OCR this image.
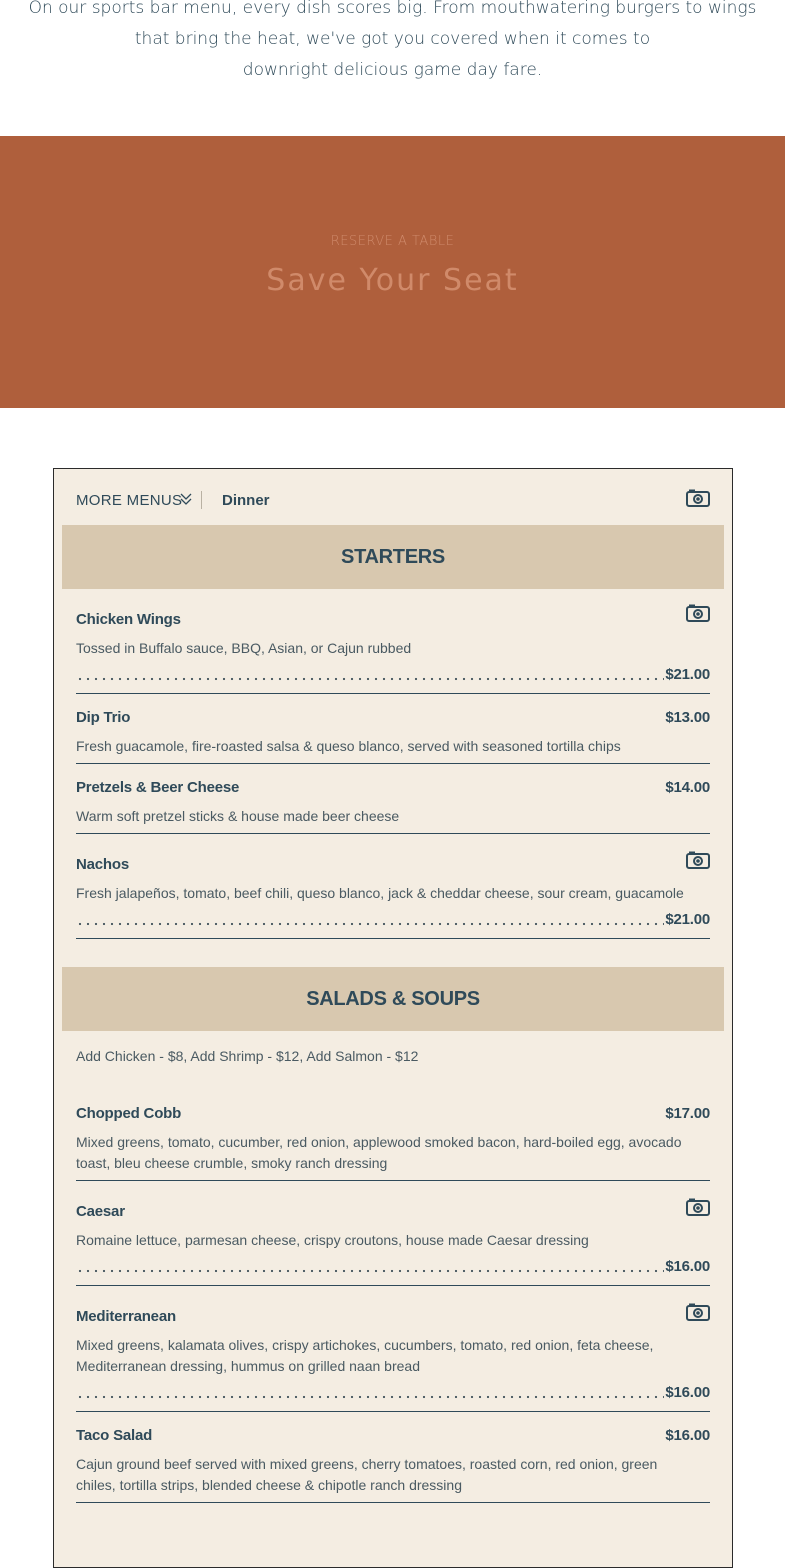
On our sports bar menu, every dish scores big. From mouthwatering burgers to wings
that bring the heat, we've got you covered when it comes to
downright delicious game day fare.
RESERVE A TABLE
Save Your Seat
MORE MENUS	Dinner
STARTERS
Chicken Wings
Tossed in Buffalo sauce, BBQ, Asian, or Cajun rubbed
$21.00
Dip Trio	$13.00
Fresh guacamole, fire-roasted salsa & queso blanco, served with seasoned tortilla chips
Pretzels & Beer Cheese	$14.00
Warm soft pretzel sticks & house made beer cheese
Nachos
Fresh jalapeños, tomato, beef chili, queso blanco, jack & cheddar cheese, sour cream, guacamole
$21.00
SALADS & SOUPS
Add Chicken - $8, Add Shrimp - $12, Add Salmon - $12
Chopped Cobb	$17.00
Mixed greens, tomato, cucumber, red onion, applewood smoked bacon, hard-boiled egg, avocado toast, bleu cheese crumble, smoky ranch dressing
Caesar
Romaine lettuce, parmesan cheese, crispy croutons, house made Caesar dressing
$16.00
Mediterranean
Mixed greens, kalamata olives, crispy artichokes, cucumbers, tomato, red onion, feta cheese, Mediterranean dressing, hummus on grilled naan bread
$16.00
Taco Salad	$16.00
Cajun ground beef served with mixed greens, cherry tomatoes, roasted corn, red onion, green chiles, tortilla strips, blended cheese & chipotle ranch dressing
